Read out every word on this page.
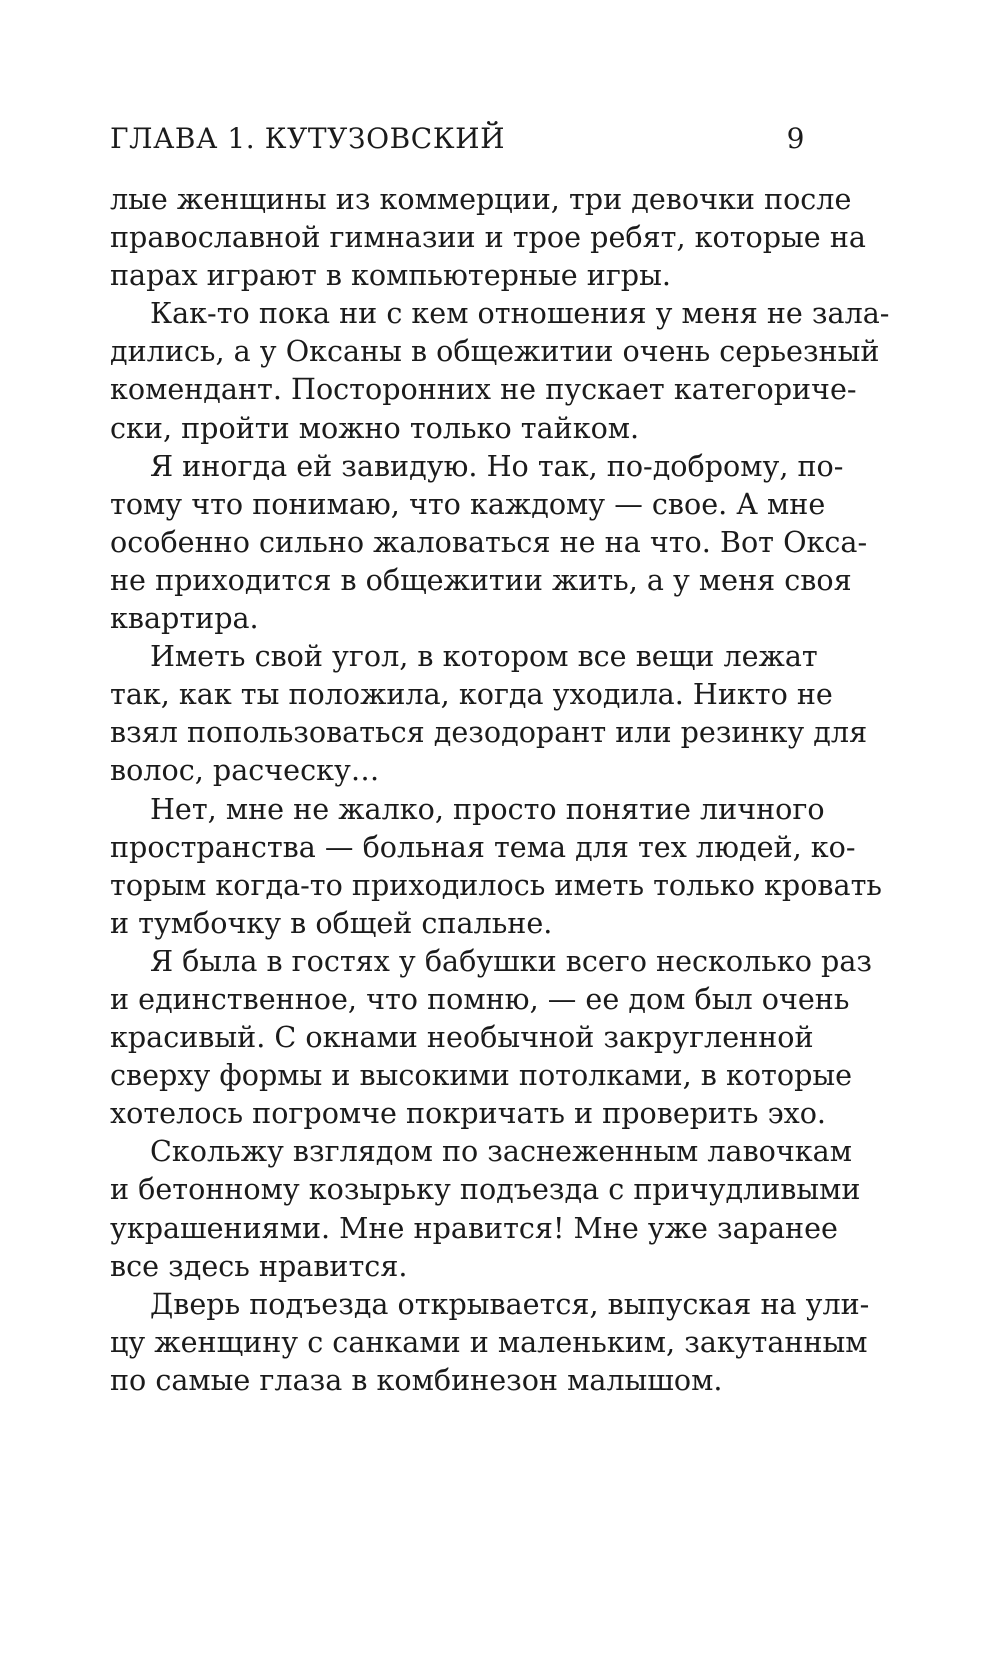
ГЛАВА 1. КУТУЗОВСКИЙ	9
лые женщины из коммерции, три девочки после
православной гимназии и трое ребят, которые на
парах играют в компьютерные игры.
Как-то пока ни с кем отношения у меня не зала-
дились, а у Оксаны в общежитии очень серьезный
комендант. Посторонних не пускает категориче-
ски, пройти можно только тайком.
Я иногда ей завидую. Но так, по-доброму, по-
тому что понимаю, что каждому — свое. А мне
особенно сильно жаловаться не на что. Вот Окса-
не приходится в общежитии жить, а у меня своя
квартира.
Иметь свой угол, в котором все вещи лежат
так, как ты положила, когда уходила. Никто не
взял попользоваться дезодорант или резинку для
волос, расческу…
Нет, мне не жалко, просто понятие личного
пространства — больная тема для тех людей, ко-
торым когда-то приходилось иметь только кровать
и тумбочку в общей спальне.
Я была в гостях у бабушки всего несколько раз
и единственное, что помню, — ее дом был очень
красивый. С окнами необычной закругленной
сверху формы и высокими потолками, в которые
хотелось погромче покричать и проверить эхо.
Скольжу взглядом по заснеженным лавочкам
и бетонному козырьку подъезда с причудливыми
украшениями. Мне нравится! Мне уже заранее
все здесь нравится.
Дверь подъезда открывается, выпуская на ули-
цу женщину с санками и маленьким, закутанным
по самые глаза в комбинезон малышом.
